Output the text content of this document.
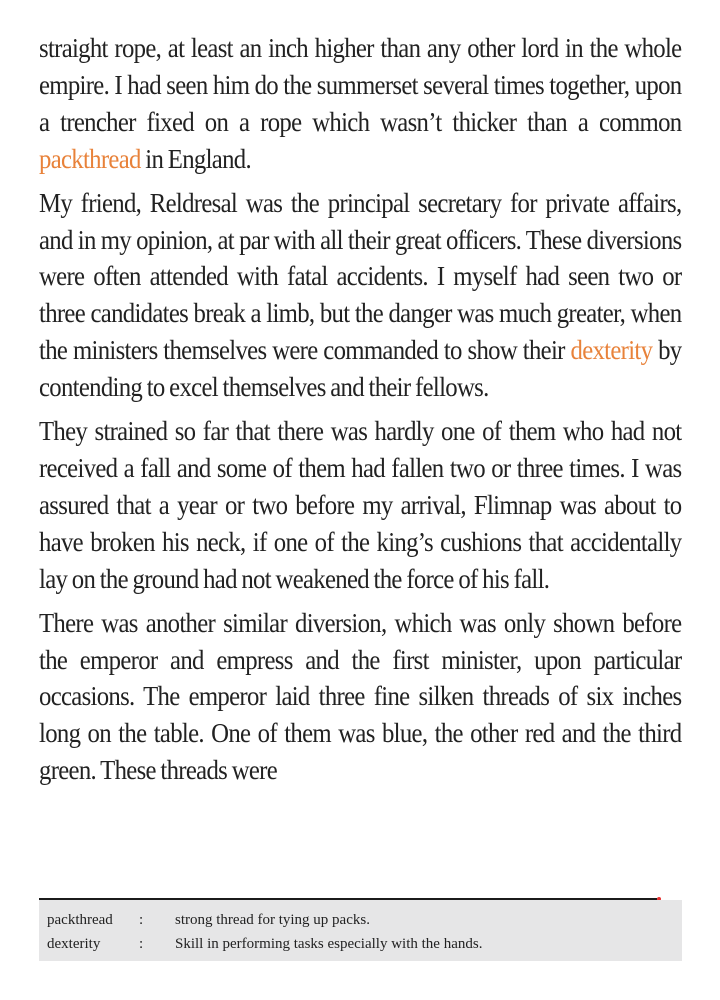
straight rope, at least an inch higher than any other lord in the whole empire. I had seen him do the summerset several times together, upon a trencher fixed on a rope which wasn’t thicker than a common packthread in England.

My friend, Reldresal was the principal secretary for private affairs, and in my opinion, at par with all their great officers. These diversions were often attended with fatal accidents. I myself had seen two or three candidates break a limb, but the danger was much greater, when the ministers themselves were commanded to show their dexterity by contending to excel themselves and their fellows.

They strained so far that there was hardly one of them who had not received a fall and some of them had fallen two or three times. I was assured that a year or two before my arrival, Flimnap was about to have broken his neck, if one of the king’s cushions that accidentally lay on the ground had not weakened the force of his fall.

There was another similar diversion, which was only shown before the emperor and empress and the first minister, upon particular occasions. The emperor laid three fine silken threads of six inches long on the table. One of them was blue, the other red and the third green. These threads were

packthread	:	strong thread for tying up packs.
dexterity	:	Skill in performing tasks especially with the hands.
